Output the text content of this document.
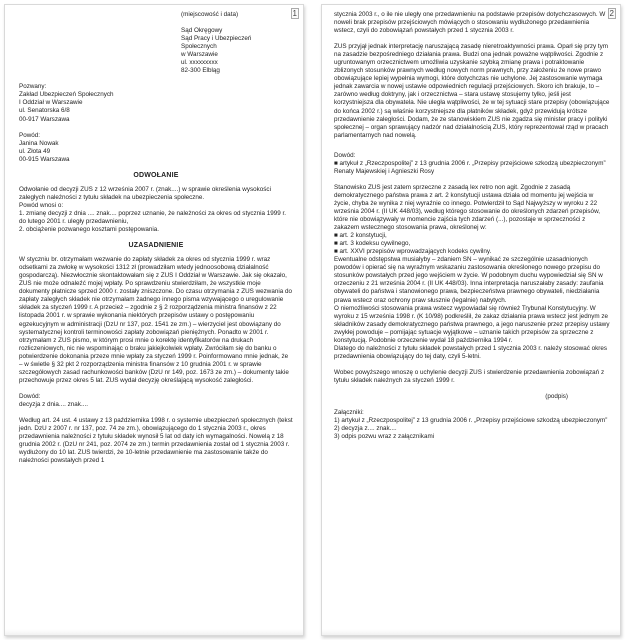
1

(miejscowość i data)

Sąd Okręgowy

Sąd Pracy i Ubezpieczeń

Społecznych

w Warszawie

ul. xxxxxxxxx

82-300 Elbląg

Pozwany:

Zakład Ubezpieczeń Społecznych

I Oddział w Warszawie

ul. Senatorska 6/8

00-917 Warszawa

Powód:

Janina Nowak

ul. Złota 49

00-915 Warszawa

ODWOŁANIE

Odwołanie od decyzji ZUS z 12 września 2007 r. (znak....) w sprawie określenia wysokości zaległych należności z tytułu składek na ubezpieczenia społeczne.

Powód wnosi o:

1. zmianę decyzji z dnia .... znak.... poprzez uznanie, że należności za okres od stycznia 1999 r. do lutego 2001 r. uległy przedawnieniu,

2. obciążenie pozwanego kosztami postępowania.

UZASADNIENIE

W styczniu br. otrzymałam wezwanie do zapłaty składek za okres od stycznia 1999 r. wraz odsetkami za zwłokę w wysokości 1312 zł (prowadziłam wtedy jednoosobową działalność gospodarczą). Niezwłocznie skontaktowałam się z ZUS I Oddział w Warszawie. Jak się okazało, ZUS nie może odnaleźć mojej wpłaty. Po sprawdzeniu stwierdziłam, że wszystkie moje dokumenty płatnicze sprzed 2000 r. zostały zniszczone. Do czasu otrzymania z ZUS wezwania do zapłaty zaległych składek nie otrzymałam żadnego innego pisma wzywającego o uregulowanie składek za styczeń 1999 r. A przecież – zgodnie z § 2 rozporządzenia ministra finansów z 22 listopada 2001 r. w sprawie wykonania niektórych przepisów ustawy o postępowaniu egzekucyjnym w administracji (DzU nr 137, poz. 1541 ze zm.) – wierzyciel jest obowiązany do systematycznej kontroli terminowości zapłaty zobowiązań pieniężnych. Ponadto w 2001 r. otrzymałam z ZUS pismo, w którym prosi mnie o korektę identyfikatorów na drukach rozliczeniowych, nic nie wspominając o braku jakiejkolwiek wpłaty. Zwróciłam się do banku o potwierdzenie dokonania przeze mnie wpłaty za styczeń 1999 r. Poinformowano mnie jednak, że – w świetle § 32 pkt 2 rozporządzenia ministra finansów z 10 grudnia 2001 r. w sprawie szczegółowych zasad rachunkowości banków (DzU nr 149, poz. 1673 ze zm.) – dokumenty takie przechowuje przez okres 5 lat. ZUS wydał decyzję określającą wysokość zaległości.

Dowód:

decyzja z dnia.... znak....

Według art. 24 ust. 4 ustawy z 13 października 1998 r. o systemie ubezpieczeń społecznych (tekst jedn. DzU z 2007 r. nr 137, poz. 74 ze zm.), obowiązującego do 1 stycznia 2003 r., okres przedawnienia należności z tytułu składek wynosił 5 lat od daty ich wymagalności. Nowelą z 18 grudnia 2002 r. (DzU nr 241, poz. 2074 ze zm.) termin przedawnienia został od 1 stycznia 2003 r. wydłużony do 10 lat. ZUS twierdzi, że 10-letnie przedawnienie ma zastosowanie także do należności powstałych przed 1

2

stycznia 2003 r., o ile nie uległy one przedawnieniu na podstawie przepisów dotychczasowych. W noweli brak przepisów przejściowych mówiących o stosowaniu wydłużonego przedawnienia wstecz, czyli do zobowiązań powstałych przed 1 stycznia 2003 r.

ZUS przyjął jednak interpretację naruszającą zasadę nieretroaktywności prawa. Oparł się przy tym na zasadzie bezpośredniego działania prawa. Budzi ona jednak poważne wątpliwości. Zgodnie z ugruntowanym orzecznictwem umożliwia uzyskanie szybką zmianę prawa i potraktowanie zblizonych stosunków prawnych według nowych norm prawnych, przy założeniu że nowe prawo obowiązujące lepiej wypełnia wymogi, które dotychczas nie uchylone. Jej zastosowanie wymaga jednak zawarcia w nowej ustawie odpowiednich regulacji przejściowych. Skoro ich brakuje, to – zarówno według doktryny, jak i orzecznictwa – stara ustawę stosujemy tylko, jeśli jest korzystniejsza dla obywatela. Nie uległa wątpliwości, że w tej sytuacji stare przepisy (obowiązujące do końca 2002 r.) są właśnie korzystniejsze dla płatników składek, gdyż przewidują krótsze przedawnienie zaległości. Dodam, że ze stanowiskiem ZUS nie zgadza się minister pracy i polityki społecznej – organ sprawujący nadzór nad działalnością ZUS, który reprezentował rząd w pracach parlamentarnych nad nowelą.

Dowód:

■ artykuł z „Rzeczpospolitej” z 13 grudnia 2006 r. „Przepisy przejściowe szkodzą ubezpieczonym” Renaty Majewskiej i Agnieszki Rosy

Stanowisko ZUS jest zatem sprzeczne z zasadą lex retro non agit. Zgodnie z zasadą demokratycznego państwa prawa z art. 2 konstytucji ustawa działa od momentu jej wejścia w życie, chyba że wynika z niej wyraźnie co innego. Potwierdził to Sąd Najwyższy w wyroku z 22 września 2004 r. (II UK 448/03), według którego stosowanie do określonych zdarzeń przepisów, które nie obowiązywały w momencie zajścia tych zdarzeń (...), pozostaje w sprzeczności z zakazem wstecznego stosowania prawa, określonej w:

■ art. 2 konstytucji,

■ art. 3 kodeksu cywilnego,

■ art. XXVI przepisów wprowadzających kodeks cywilny.

Ewentualne odstępstwa musiałyby – zdaniem SN – wynikać ze szczególnie uzasadnionych powodów i opierać się na wyraźnym wskazaniu zastosowania określonego nowego przepisu do stosunków powstałych przed jego wejściem w życie. W podobnym duchu wypowiedział się SN w orzeczeniu z 21 września 2004 r. (II UK 448/03). Inna interpretacja naruszałaby zasady: zaufania obywateli do państwa i stanowionego prawa, bezpieczeństwa prawnego obywateli, niedziałania prawa wstecz oraz ochrony praw słusznie (legalnie) nabytych.

O niemożliwości stosowania prawa wstecz wypowiadał się również Trybunał Konstytucyjny. W wyroku z 15 września 1998 r. (K 10/98) podkreślił, że zakaz działania prawa wstecz jest jednym ze składników zasady demokratycznego państwa prawnego, a jego naruszenie przez przepisy ustawy zwykłej powoduje – pomijając sytuacje wyjątkowe – uznanie takich przepisów za sprzeczne z konstytucją. Podobnie orzeczenie wydał 18 października 1994 r.

Dlatego do należności z tytułu składek powstałych przed 1 stycznia 2003 r. należy stosować okres przedawnienia obowiązujący do tej daty, czyli 5-letni.

Wobec powyższego wnoszę o uchylenie decyzji ZUS i stwierdzenie przedawnienia zobowiązań z tytułu składek należnych za styczeń 1999 r.

(podpis)

Załączniki:

1) artykuł z „Rzeczpospolitej” z 13 grudnia 2006 r. „Przepisy przejściowe szkodzą ubezpieczonym”

2) decyzja z.... znak....

3) odpis pozwu wraz z załącznikami
